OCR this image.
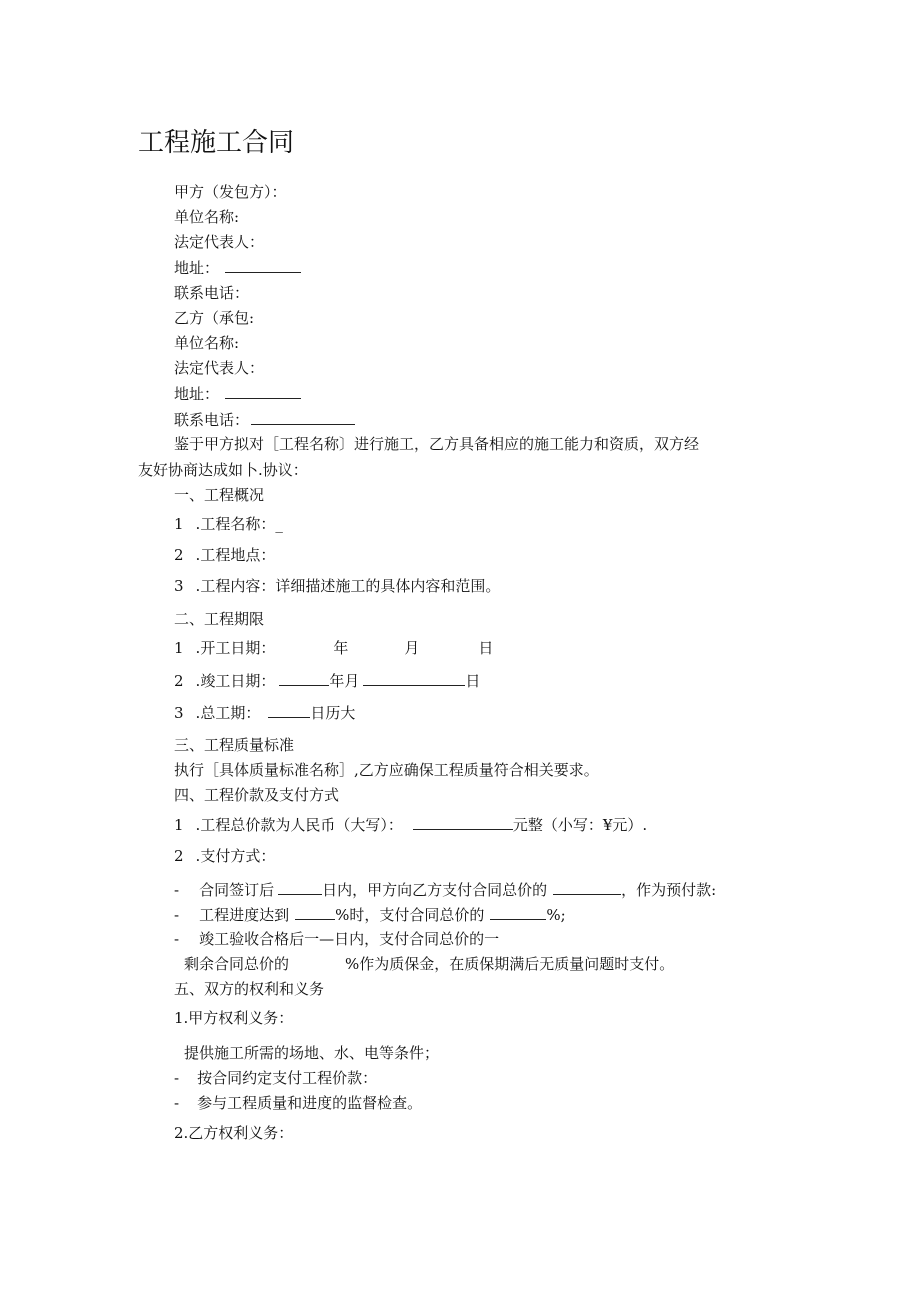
工程施工合同
甲方（发包方）：
单位名称:
法定代表人：
地址：
联系电话：
乙方（承包:
单位名称:
法定代表人：
地址：
联系电话：
鉴于甲方拟对［工程名称〕进行施工，乙方具备相应的施工能力和资质，双方经
友好协商达成如卜.协议：
一、工程概况
1 .工程名称：_
2 .工程地点：
3 .工程内容：详细描述施工的具体内容和范围。
二、工程期限
1 .开工日期：	年	月	日
2 .竣工日期：	年月	日
3 .总工期：	日历大
三、工程质量标准
执行［具体质量标准名称］,乙方应确保工程质量符合相关要求。
四、工程价款及支付方式
1 .工程总价款为人民币（大写）：	元整（小写：¥元）.
2 .支付方式：
- 合同签订后	日内，甲方向乙方支付合同总价的	，作为预付款:
- 工程进度达到	%时，支付合同总价的	%;
- 竣工验收合格后一—日内，支付合同总价的一
剩余合同总价的	%作为质保金，在质保期满后无质量问题时支付。
五、双方的权利和义务
1.甲方权利义务：
提供施工所需的场地、水、电等条件；
- 按合同约定支付工程价款：
- 参与工程质量和进度的监督检查。
2.乙方权利义务：
